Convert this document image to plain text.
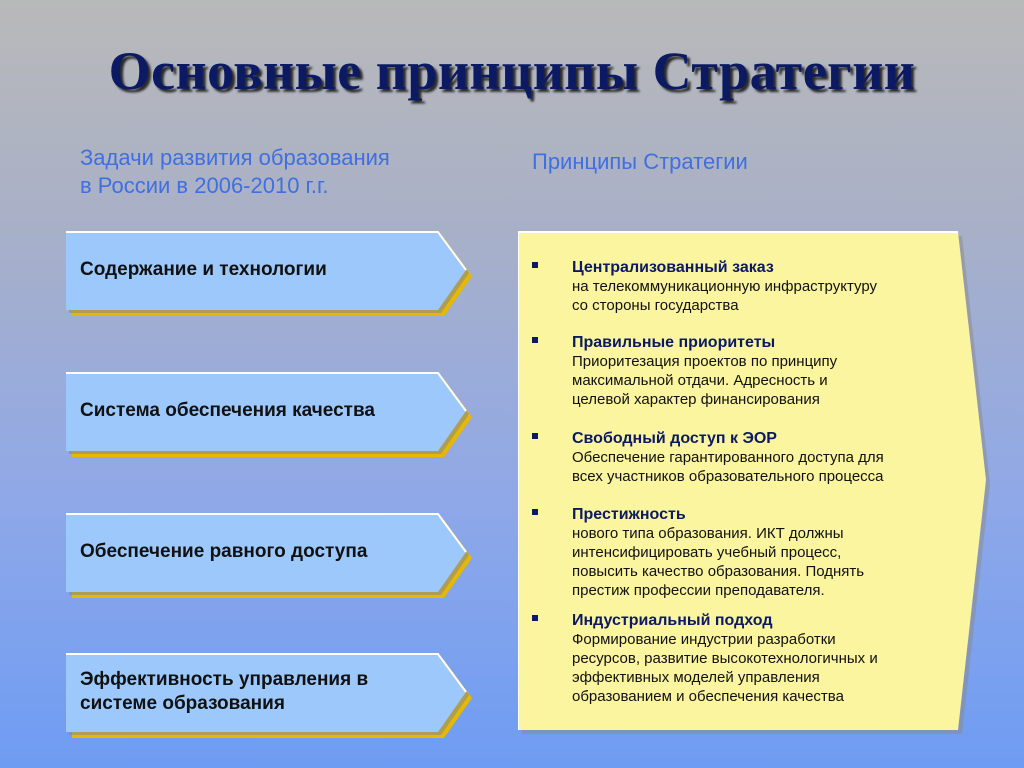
Основные принципы Стратегии
Задачи развития образования
в России в 2006-2010 г.г.
Принципы Стратегии
Содержание и технологии
Система обеспечения качества
Обеспечение равного доступа
Эффективность управления в системе образования
Централизованный заказ
на телекоммуникационную инфраструктуру
со стороны государства
Правильные приоритеты
Приоритезация проектов по принципу
максимальной отдачи. Адресность и
целевой характер финансирования
Свободный доступ к ЭОР
Обеспечение гарантированного доступа для
всех участников образовательного процесса
Престижность
нового типа образования. ИКТ должны
интенсифицировать учебный процесс,
повысить качество образования. Поднять
престиж профессии преподавателя.
Индустриальный подход
Формирование индустрии разработки
ресурсов, развитие высокотехнологичных и
эффективных моделей управления
образованием и обеспечения качества
